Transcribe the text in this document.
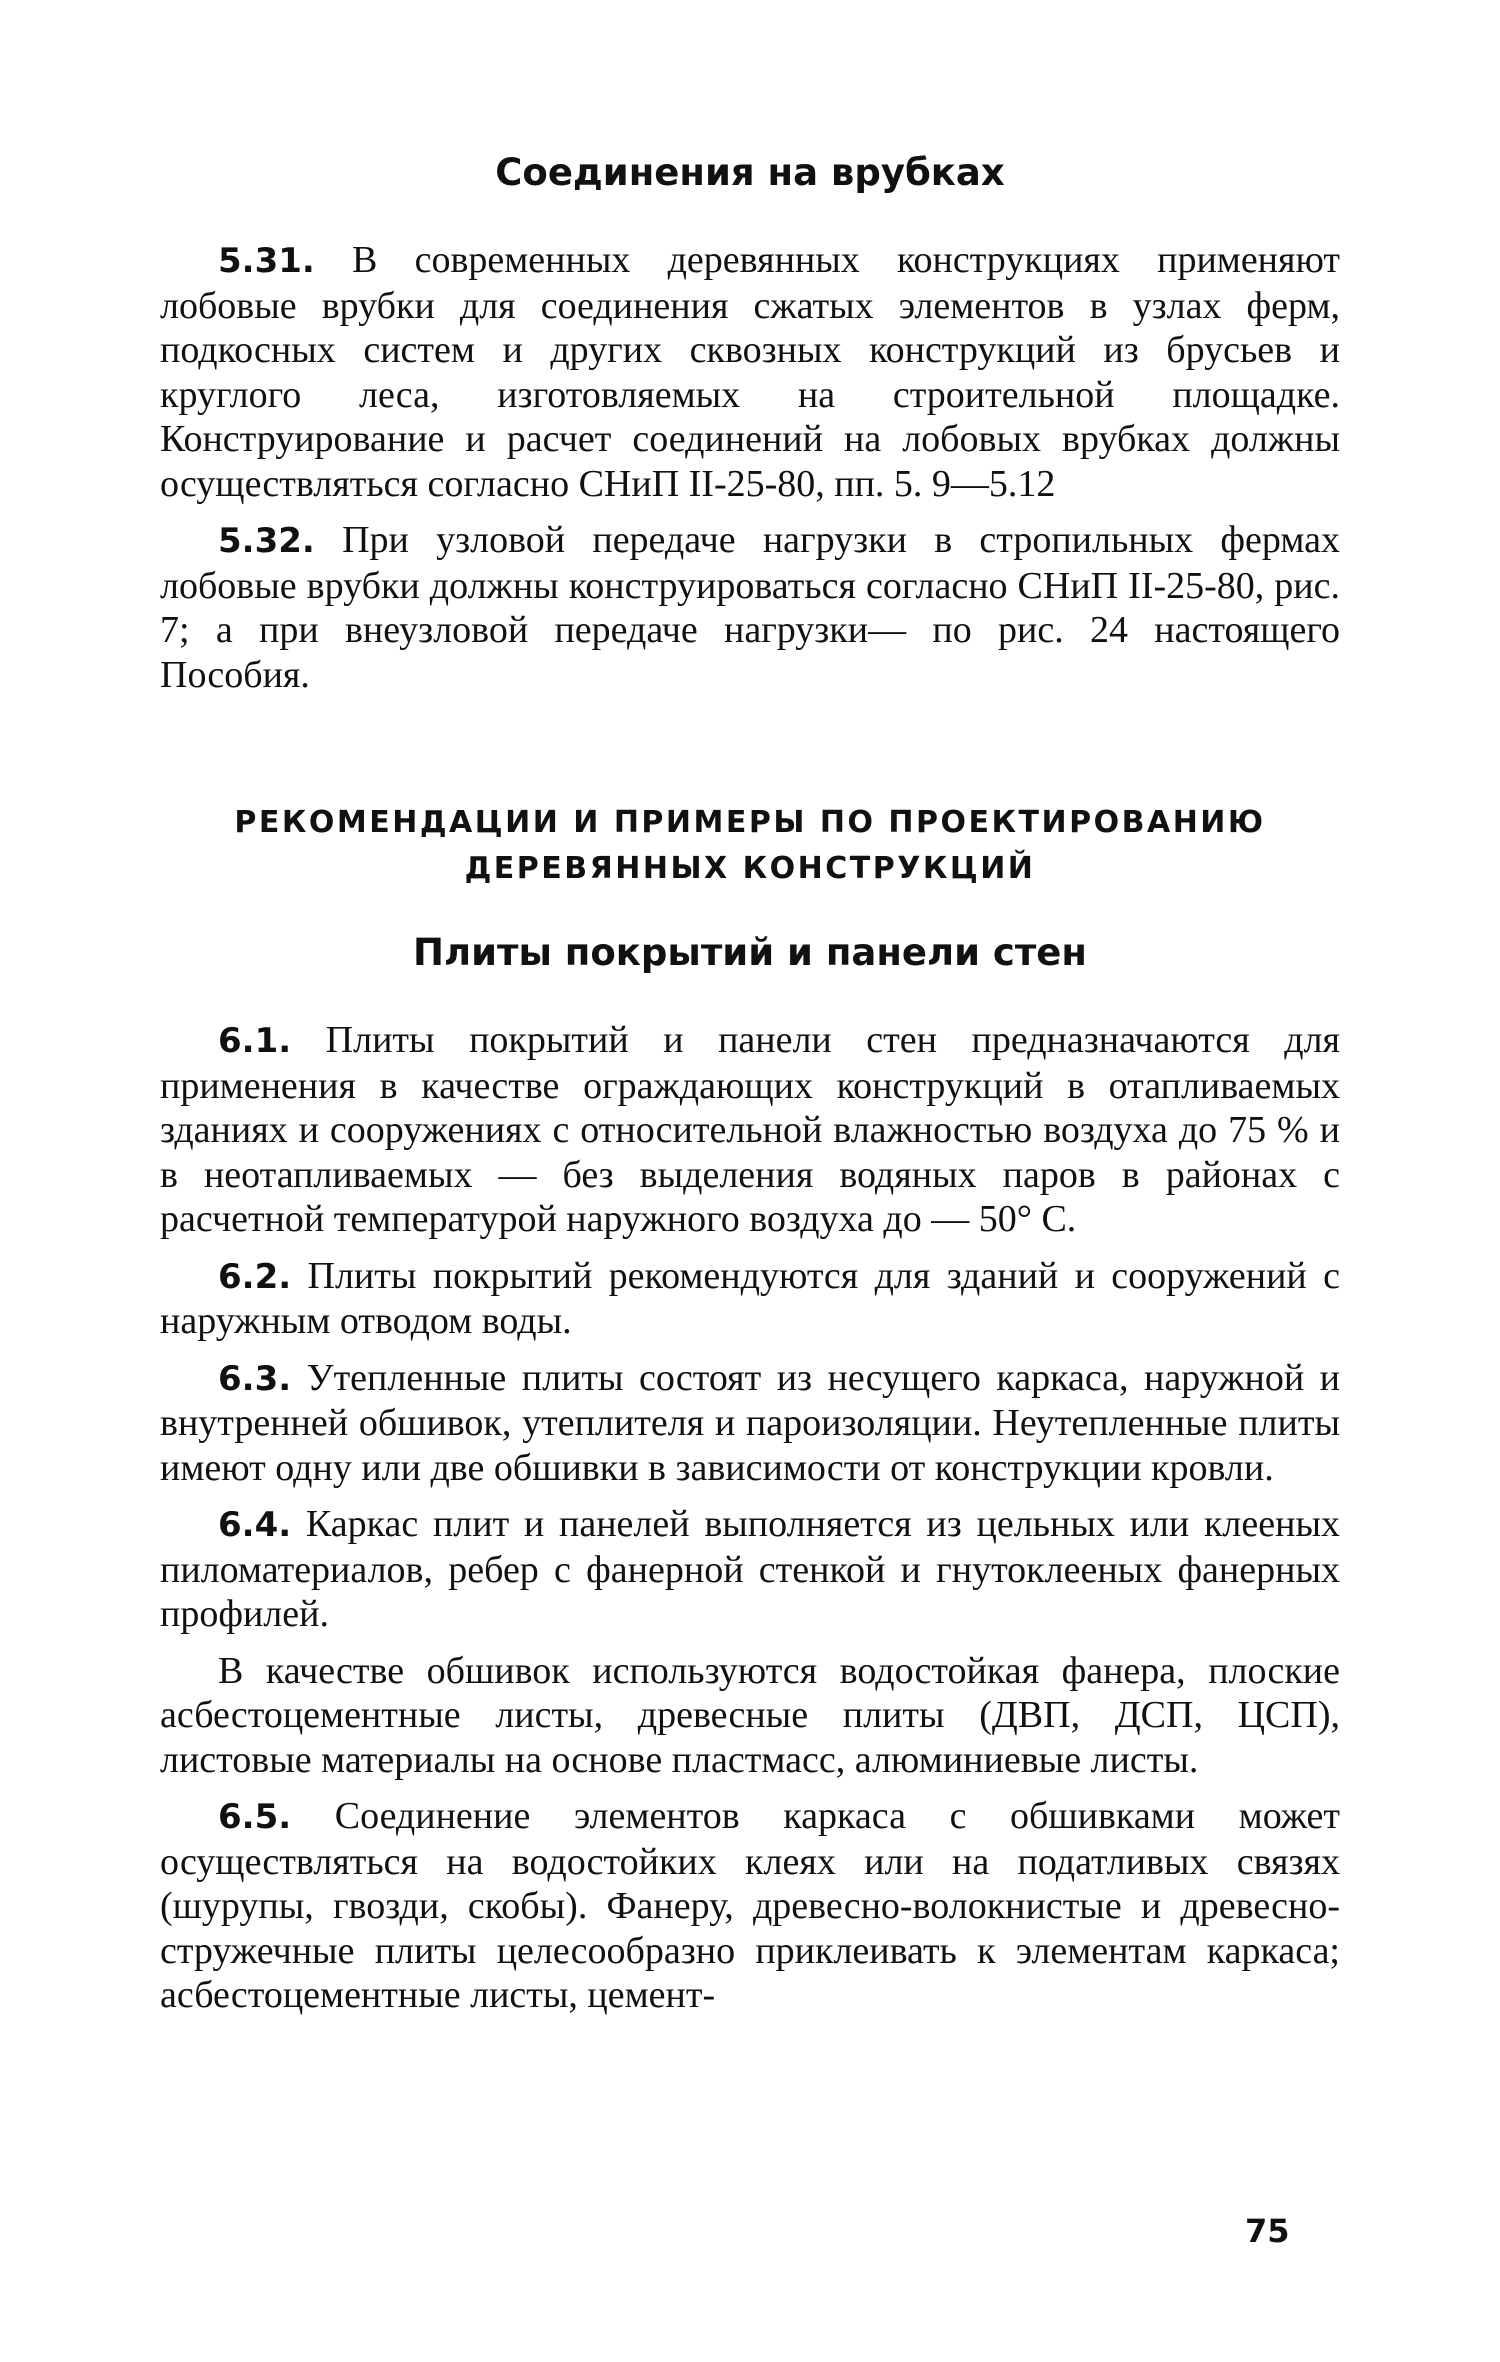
Соединения на врубках

5.31. В современных деревянных конструкциях применяют лобовые врубки для соединения сжатых элементов в узлах ферм, подкосных систем и других сквозных конструкций из брусьев и круглого леса, изготовляемых на строительной площадке. Конструирование и расчет соединений на лобовых врубках должны осуществляться согласно СНиП II-25-80, пп. 5. 9—5.12

5.32. При узловой передаче нагрузки в стропильных фермах лобовые врубки должны конструироваться согласно СНиП II-25-80, рис. 7; а при внеузловой передаче нагрузки— по рис. 24 настоящего Пособия.

РЕКОМЕНДАЦИИ И ПРИМЕРЫ ПО ПРОЕКТИРОВАНИЮ
ДЕРЕВЯННЫХ КОНСТРУКЦИЙ
Плиты покрытий и панели стен

6.1. Плиты покрытий и панели стен предназначаются для применения в качестве ограждающих конструкций в отапливаемых зданиях и сооружениях с относительной влажностью воздуха до 75 % и в неотапливаемых — без выделения водяных паров в районах с расчетной температурой наружного воздуха до — 50° С.

6.2. Плиты покрытий рекомендуются для зданий и сооружений с наружным отводом воды.

6.3. Утепленные плиты состоят из несущего каркаса, наружной и внутренней обшивок, утеплителя и пароизоляции. Неутепленные плиты имеют одну или две обшивки в зависимости от конструкции кровли.

6.4. Каркас плит и панелей выполняется из цельных или клееных пиломатериалов, ребер с фанерной стенкой и гнутоклееных фанерных профилей.

В качестве обшивок используются водостойкая фанера, плоские асбестоцементные листы, древесные плиты (ДВП, ДСП, ЦСП), листовые материалы на основе пластмасс, алюминиевые листы.

6.5. Соединение элементов каркаса с обшивками может осуществляться на водостойких клеях или на податливых связях (шурупы, гвозди, скобы). Фанеру, древесно-волокнистые и древесно-стружечные плиты целесообразно приклеивать к элементам каркаса; асбестоцементные листы, цемент-

75
